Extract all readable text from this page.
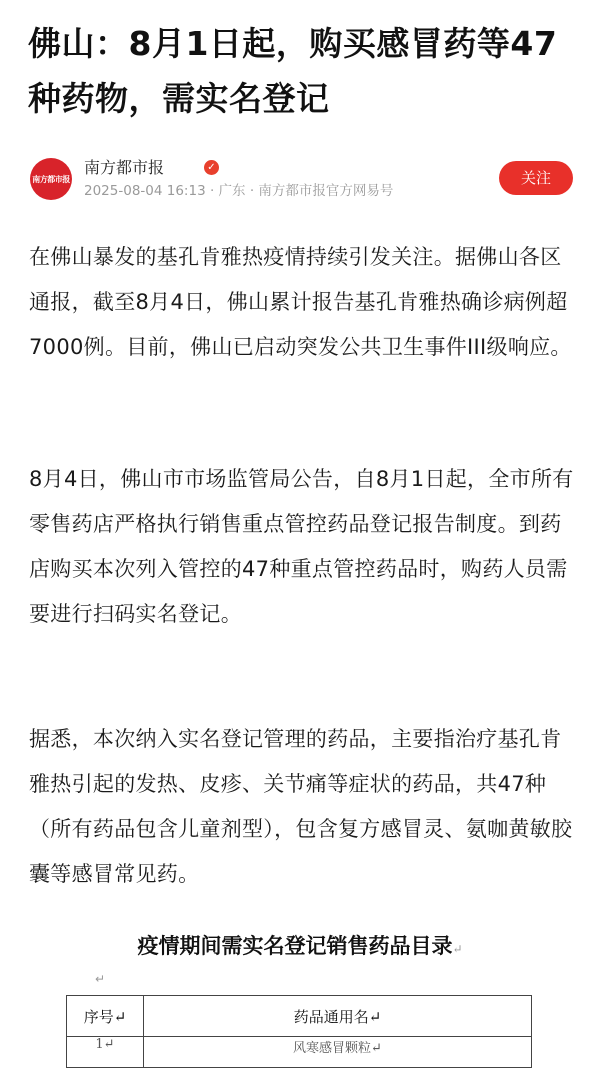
佛山：8月1日起，购买感冒药等47种药物，需实名登记
南方都市报
南方都市报	✓
2025-08-04 16:13 · 广东 · 南方都市报官方网易号
关注
在佛山暴发的基孔肯雅热疫情持续引发关注。据佛山各区通报，截至8月4日，佛山累计报告基孔肯雅热确诊病例超7000例。目前，佛山已启动突发公共卫生事件III级响应。
8月4日，佛山市市场监管局公告，自8月1日起，全市所有零售药店严格执行销售重点管控药品登记报告制度。到药店购买本次列入管控的47种重点管控药品时，购药人员需要进行扫码实名登记。
据悉，本次纳入实名登记管理的药品，主要指治疗基孔肯雅热引起的发热、皮疹、关节痛等症状的药品，共47种（所有药品包含儿童剂型），包含复方感冒灵、氨咖黄敏胶囊等感冒常见药。
疫情期间需实名登记销售药品目录↵
↵
序号↵	药品通用名↵
1↵	风寒感冒颗粒↵
